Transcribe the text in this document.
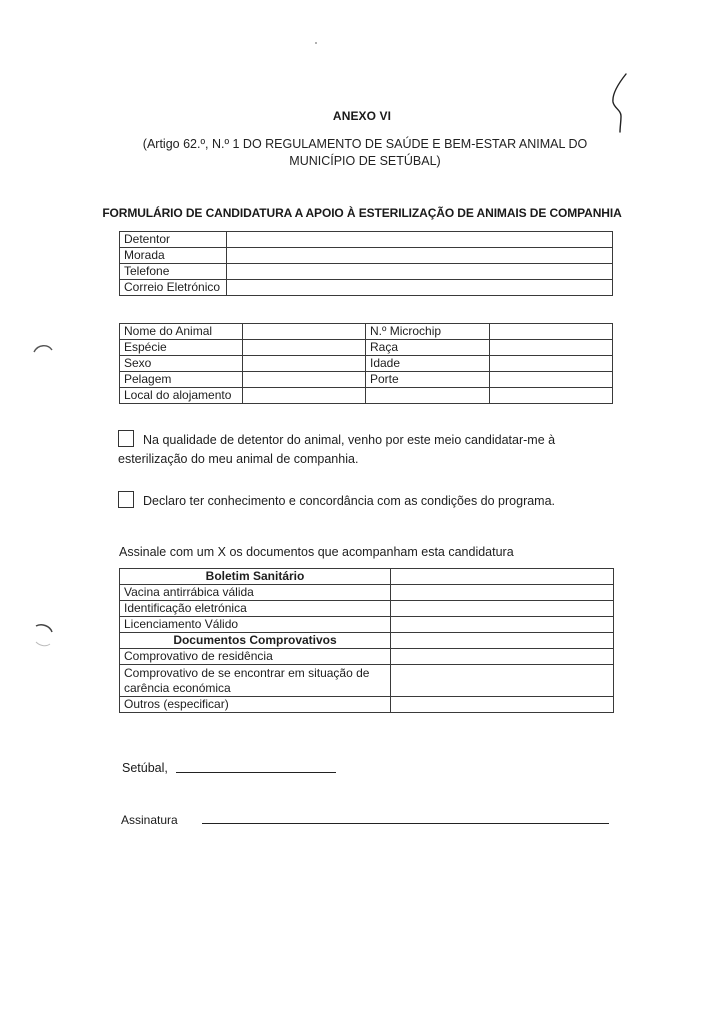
ANEXO VI
(Artigo 62.º, N.º 1 DO REGULAMENTO DE SAÚDE E BEM-ESTAR ANIMAL DO MUNICÍPIO DE SETÚBAL)
FORMULÁRIO DE CANDIDATURA A APOIO À ESTERILIZAÇÃO DE ANIMAIS DE COMPANHIA
Detentor	
Morada	
Telefone	
Correio Eletrónico	
Nome do Animal		N.º Microchip	
Espécie		Raça	
Sexo		Idade	
Pelagem		Porte	
Local do alojamento			
Na qualidade de detentor do animal, venho por este meio candidatar-me à esterilização do meu animal de companhia.
Declaro ter conhecimento e concordância com as condições do programa.
Assinale com um X os documentos que acompanham esta candidatura
Boletim Sanitário	
Vacina antirrábica válida	
Identificação eletrónica	
Licenciamento Válido	
Documentos Comprovativos	
Comprovativo de residência	
Comprovativo de se encontrar em situação de carência económica	
Outros (especificar)	
Setúbal,
Assinatura
